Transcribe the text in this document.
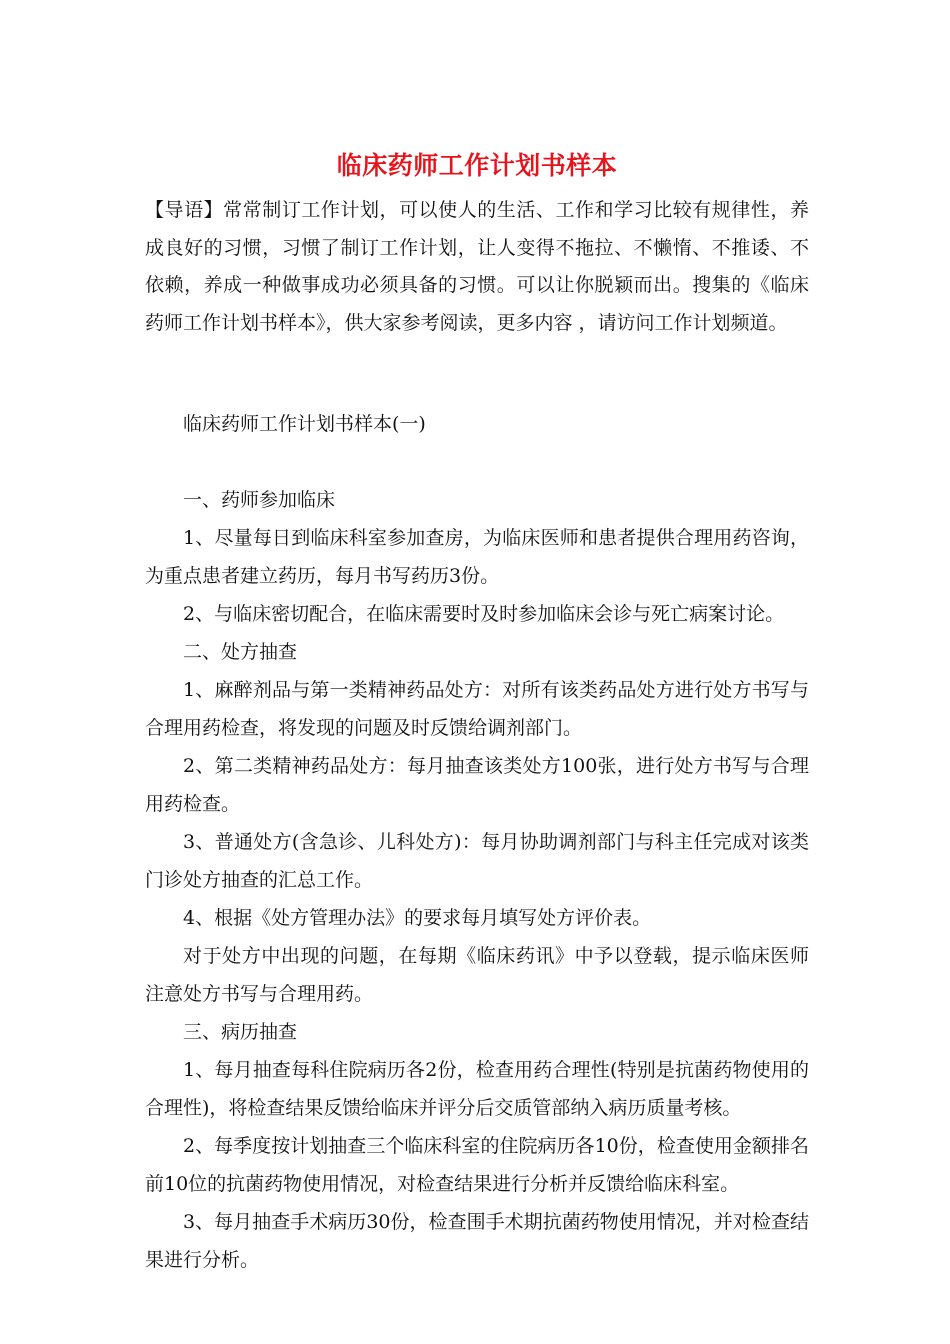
临床药师工作计划书样本

【导语】常常制订工作计划，可以使人的生活、工作和学习比较有规律性，养成良好的习惯，习惯了制订工作计划，让人变得不拖拉、不懒惰、不推诿、不依赖，养成一种做事成功必须具备的习惯。可以让你脱颖而出。搜集的《临床药师工作计划书样本》，供大家参考阅读，更多内容 ，请访问工作计划频道。

临床药师工作计划书样本(一)

一、药师参加临床

1、尽量每日到临床科室参加查房，为临床医师和患者提供合理用药咨询，为重点患者建立药历，每月书写药历3份。

2、与临床密切配合，在临床需要时及时参加临床会诊与死亡病案讨论。

二、处方抽查

1、麻醉剂品与第一类精神药品处方：对所有该类药品处方进行处方书写与合理用药检查，将发现的问题及时反馈给调剂部门。

2、第二类精神药品处方：每月抽查该类处方100张，进行处方书写与合理用药检查。

3、普通处方(含急诊、儿科处方)：每月协助调剂部门与科主任完成对该类门诊处方抽查的汇总工作。

4、根据《处方管理办法》的要求每月填写处方评价表。

对于处方中出现的问题，在每期《临床药讯》中予以登载，提示临床医师注意处方书写与合理用药。

三、病历抽查

1、每月抽查每科住院病历各2份，检查用药合理性(特别是抗菌药物使用的合理性)，将检查结果反馈给临床并评分后交质管部纳入病历质量考核。

2、每季度按计划抽查三个临床科室的住院病历各10份，检查使用金额排名前10位的抗菌药物使用情况，对检查结果进行分析并反馈给临床科室。

3、每月抽查手术病历30份，检查围手术期抗菌药物使用情况，并对检查结果进行分析。
